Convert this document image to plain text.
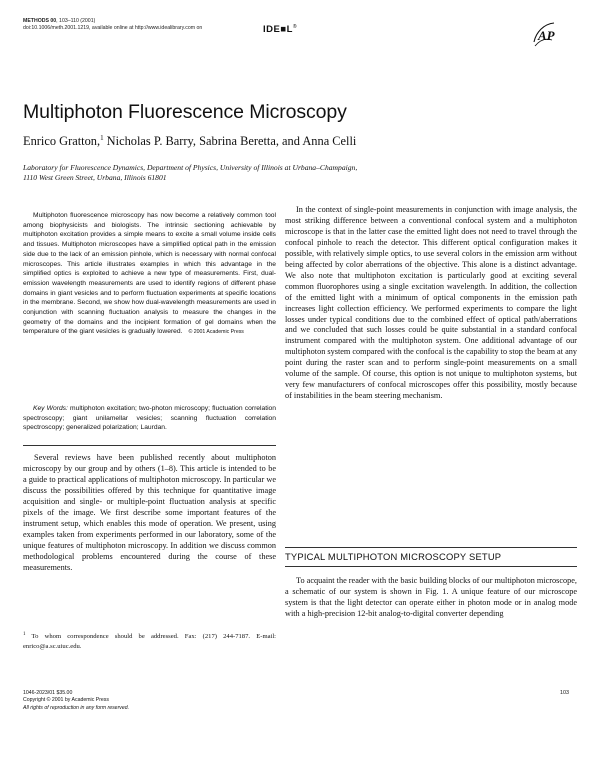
METHODS 00, 103–110 (2001)
doi:10.1006/meth.2001.1219, available online at http://www.idealibrary.com on	IDE■L®
AP
Multiphoton Fluorescence Microscopy
Enrico Gratton,$^1$ Nicholas P. Barry, Sabrina Beretta, and Anna Celli
Laboratory for Fluorescence Dynamics, Department of Physics, University of Illinois at Urbana–Champaign,
1110 West Green Street, Urbana, Illinois 61801

Multiphoton fluorescence microscopy has now become a relatively common tool among biophysicists and biologists. The intrinsic sectioning achievable by multiphoton excitation provides a simple means to excite a small volume inside cells and tissues. Multiphoton microscopes have a simplified optical path in the emission side due to the lack of an emission pinhole, which is necessary with normal confocal microscopes. This article illustrates examples in which this advantage in the simplified optics is exploited to achieve a new type of measurements. First, dual-emission wavelength measurements are used to identify regions of different phase domains in giant vesicles and to perform fluctuation experiments at specific locations in the membrane. Second, we show how dual-wavelength measurements are used in conjunction with scanning fluctuation analysis to measure the changes in the geometry of the domains and the incipient formation of gel domains when the temperature of the giant vesicles is gradually lowered. © 2001 Academic Press

Key Words: multiphoton excitation; two-photon microscopy; fluctuation correlation spectroscopy; giant unilamellar vesicles; scanning fluctuation correlation spectroscopy; generalized polarization; Laurdan.

Several reviews have been published recently about multiphoton microscopy by our group and by others (1–8). This article is intended to be a guide to practical applications of multiphoton microscopy. In particular we discuss the possibilities offered by this technique for quantitative image acquisition and single- or multiple-point fluctuation analysis at specific pixels of the image. We first describe some important features of the instrument setup, which enables this mode of operation. We present, using examples taken from experiments performed in our laboratory, some of the unique features of multiphoton microscopy. In addition we discuss common methodological problems encountered during the course of these measurements.

$^1$ To whom correspondence should be addressed. Fax: (217) 244-7187. E-mail: enrico@a.sc.uiuc.edu.

In the context of single-point measurements in conjunction with image analysis, the most striking difference between a conventional confocal system and a multiphoton microscope is that in the latter case the emitted light does not need to travel through the confocal pinhole to reach the detector. This different optical configuration makes it possible, with relatively simple optics, to use several colors in the emission arm without being affected by color aberrations of the objective. This alone is a distinct advantage. We also note that multiphoton excitation is particularly good at exciting several common fluorophores using a single excitation wavelength. In addition, the collection of the emitted light with a minimum of optical components in the emission path increases light collection efficiency. We performed experiments to compare the light losses under typical conditions due to the combined effect of optical path/aberrations and we concluded that such losses could be quite substantial in a standard confocal instrument compared with the multiphoton system. One additional advantage of our multiphoton system compared with the confocal is the capability to stop the beam at any point during the raster scan and to perform single-point measurements on a small volume of the sample. Of course, this option is not unique to multiphoton systems, but very few manufacturers of confocal microscopes offer this possibility, mostly because of instabilities in the beam steering mechanism.

TYPICAL MULTIPHOTON MICROSCOPY SETUP

To acquaint the reader with the basic building blocks of our multiphoton microscope, a schematic of our system is shown in Fig. 1. A unique feature of our microscope system is that the light detector can operate either in photon mode or in analog mode with a high-precision 12-bit analog-to-digital converter depending

1046-2023/01 $35.00
Copyright © 2001 by Academic Press
All rights of reproduction in any form reserved.
103
